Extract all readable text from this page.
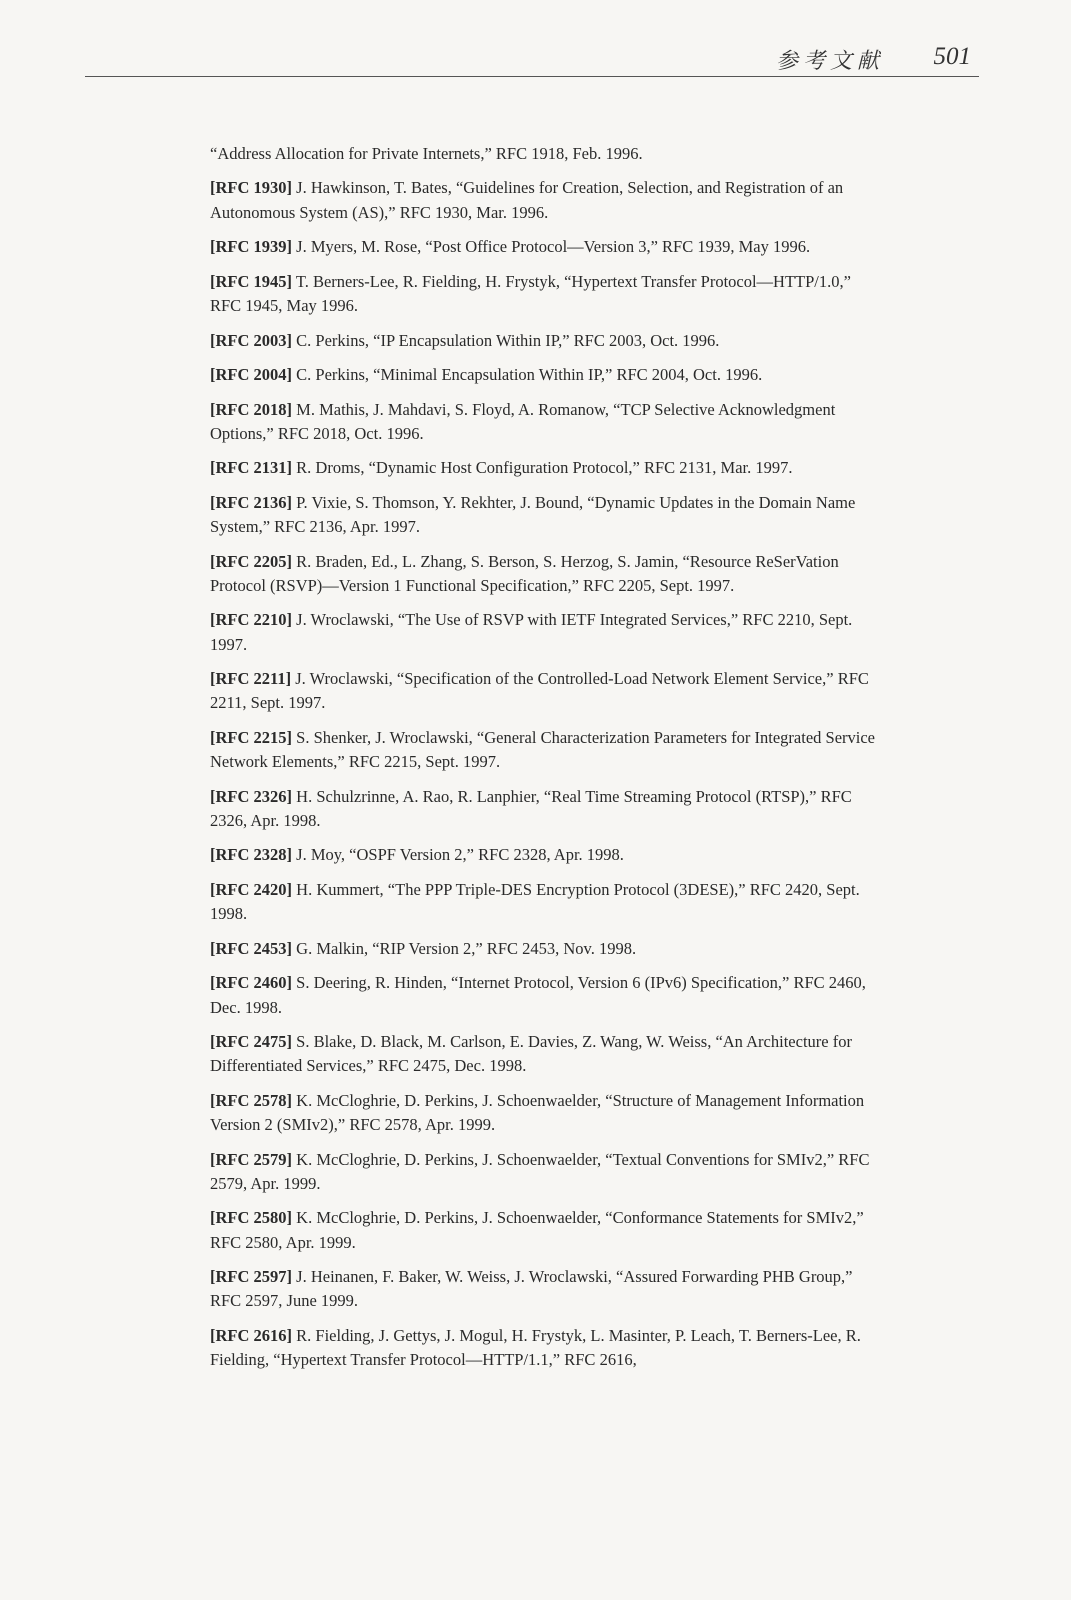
参考文献 501

“Address Allocation for Private Internets,” RFC 1918, Feb. 1996.

[RFC 1930] J. Hawkinson, T. Bates, “Guidelines for Creation, Selection, and Registration of an Autonomous System (AS),” RFC 1930, Mar. 1996.

[RFC 1939] J. Myers, M. Rose, “Post Office Protocol—Version 3,” RFC 1939, May 1996.

[RFC 1945] T. Berners-Lee, R. Fielding, H. Frystyk, “Hypertext Transfer Protocol—HTTP/1.0,” RFC 1945, May 1996.

[RFC 2003] C. Perkins, “IP Encapsulation Within IP,” RFC 2003, Oct. 1996.

[RFC 2004] C. Perkins, “Minimal Encapsulation Within IP,” RFC 2004, Oct. 1996.

[RFC 2018] M. Mathis, J. Mahdavi, S. Floyd, A. Romanow, “TCP Selective Acknowledgment Options,” RFC 2018, Oct. 1996.

[RFC 2131] R. Droms, “Dynamic Host Configuration Protocol,” RFC 2131, Mar. 1997.

[RFC 2136] P. Vixie, S. Thomson, Y. Rekhter, J. Bound, “Dynamic Updates in the Domain Name System,” RFC 2136, Apr. 1997.

[RFC 2205] R. Braden, Ed., L. Zhang, S. Berson, S. Herzog, S. Jamin, “Resource ReSerVation Protocol (RSVP)—Version 1 Functional Specification,” RFC 2205, Sept. 1997.

[RFC 2210] J. Wroclawski, “The Use of RSVP with IETF Integrated Services,” RFC 2210, Sept. 1997.

[RFC 2211] J. Wroclawski, “Specification of the Controlled-Load Network Element Service,” RFC 2211, Sept. 1997.

[RFC 2215] S. Shenker, J. Wroclawski, “General Characterization Parameters for Integrated Service Network Elements,” RFC 2215, Sept. 1997.

[RFC 2326] H. Schulzrinne, A. Rao, R. Lanphier, “Real Time Streaming Protocol (RTSP),” RFC 2326, Apr. 1998.

[RFC 2328] J. Moy, “OSPF Version 2,” RFC 2328, Apr. 1998.

[RFC 2420] H. Kummert, “The PPP Triple-DES Encryption Protocol (3DESE),” RFC 2420, Sept. 1998.

[RFC 2453] G. Malkin, “RIP Version 2,” RFC 2453, Nov. 1998.

[RFC 2460] S. Deering, R. Hinden, “Internet Protocol, Version 6 (IPv6) Specification,” RFC 2460, Dec. 1998.

[RFC 2475] S. Blake, D. Black, M. Carlson, E. Davies, Z. Wang, W. Weiss, “An Architecture for Differentiated Services,” RFC 2475, Dec. 1998.

[RFC 2578] K. McCloghrie, D. Perkins, J. Schoenwaelder, “Structure of Management Information Version 2 (SMIv2),” RFC 2578, Apr. 1999.

[RFC 2579] K. McCloghrie, D. Perkins, J. Schoenwaelder, “Textual Conventions for SMIv2,” RFC 2579, Apr. 1999.

[RFC 2580] K. McCloghrie, D. Perkins, J. Schoenwaelder, “Conformance Statements for SMIv2,” RFC 2580, Apr. 1999.

[RFC 2597] J. Heinanen, F. Baker, W. Weiss, J. Wroclawski, “Assured Forwarding PHB Group,” RFC 2597, June 1999.

[RFC 2616] R. Fielding, J. Gettys, J. Mogul, H. Frystyk, L. Masinter, P. Leach, T. Berners-Lee, R. Fielding, “Hypertext Transfer Protocol—HTTP/1.1,” RFC 2616,
